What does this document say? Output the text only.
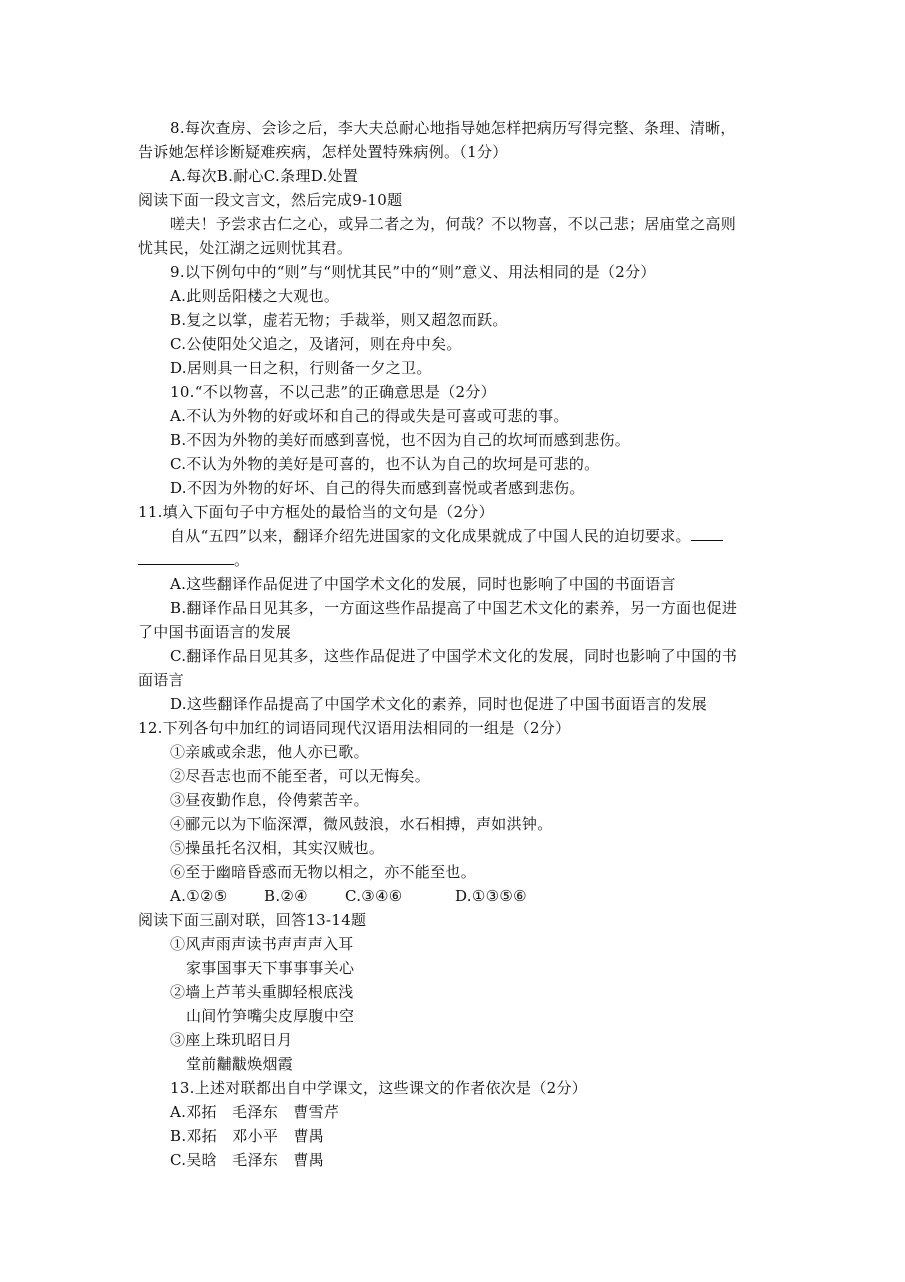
8.每次查房、会诊之后，李大夫总耐心地指导她怎样把病历写得完整、条理、清晰，
告诉她怎样诊断疑难疾病，怎样处置特殊病例。（1分）
A.每次B.耐心C.条理D.处置
阅读下面一段文言文，然后完成9-10题
嗟夫！予尝求古仁之心，或异二者之为，何哉？不以物喜，不以己悲；居庙堂之高则
忧其民，处江湖之远则忧其君。
9.以下例句中的“则”与“则忧其民”中的“则”意义、用法相同的是（2分）
A.此则岳阳楼之大观也。
B.复之以掌，虚若无物；手裁举，则又超忽而跃。
C.公使阳处父追之，及诸河，则在舟中矣。
D.居则具一日之积，行则备一夕之卫。
10.“不以物喜，不以己悲”的正确意思是（2分）
A.不认为外物的好或坏和自己的得或失是可喜或可悲的事。
B.不因为外物的美好而感到喜悦，也不因为自己的坎坷而感到悲伤。
C.不认为外物的美好是可喜的，也不认为自己的坎坷是可悲的。
D.不因为外物的好坏、自己的得失而感到喜悦或者感到悲伤。
11.填入下面句子中方框处的最恰当的文句是（2分）
自从“五四”以来，翻译介绍先进国家的文化成果就成了中国人民的迫切要求。
。
A.这些翻译作品促进了中国学术文化的发展，同时也影响了中国的书面语言
B.翻译作品日见其多，一方面这些作品提高了中国艺术文化的素养，另一方面也促进
了中国书面语言的发展
C.翻译作品日见其多，这些作品促进了中国学术文化的发展，同时也影响了中国的书
面语言
D.这些翻译作品提高了中国学术文化的素养，同时也促进了中国书面语言的发展
12.下列各句中加红的词语同现代汉语用法相同的一组是（2分）
①亲戚或余悲，他人亦已歌。
②尽吾志也而不能至者，可以无悔矣。
③昼夜勤作息，伶俜萦苦辛。
④郦元以为下临深潭，微风鼓浪，水石相搏，声如洪钟。
⑤操虽托名汉相，其实汉贼也。
⑥至于幽暗昏惑而无物以相之，亦不能至也。
A.①②⑤ B.②④ C.③④⑥	D.①③⑤⑥
阅读下面三副对联，回答13-14题
①风声雨声读书声声声入耳
家事国事天下事事事关心
②墙上芦苇头重脚轻根底浅
山间竹笋嘴尖皮厚腹中空
③座上珠玑昭日月
堂前黼黻焕烟霞
13.上述对联都出自中学课文，这些课文的作者依次是（2分）
A.邓拓　毛泽东　曹雪芹
B.邓拓　邓小平　曹禺
C.吴晗　毛泽东　曹禺
